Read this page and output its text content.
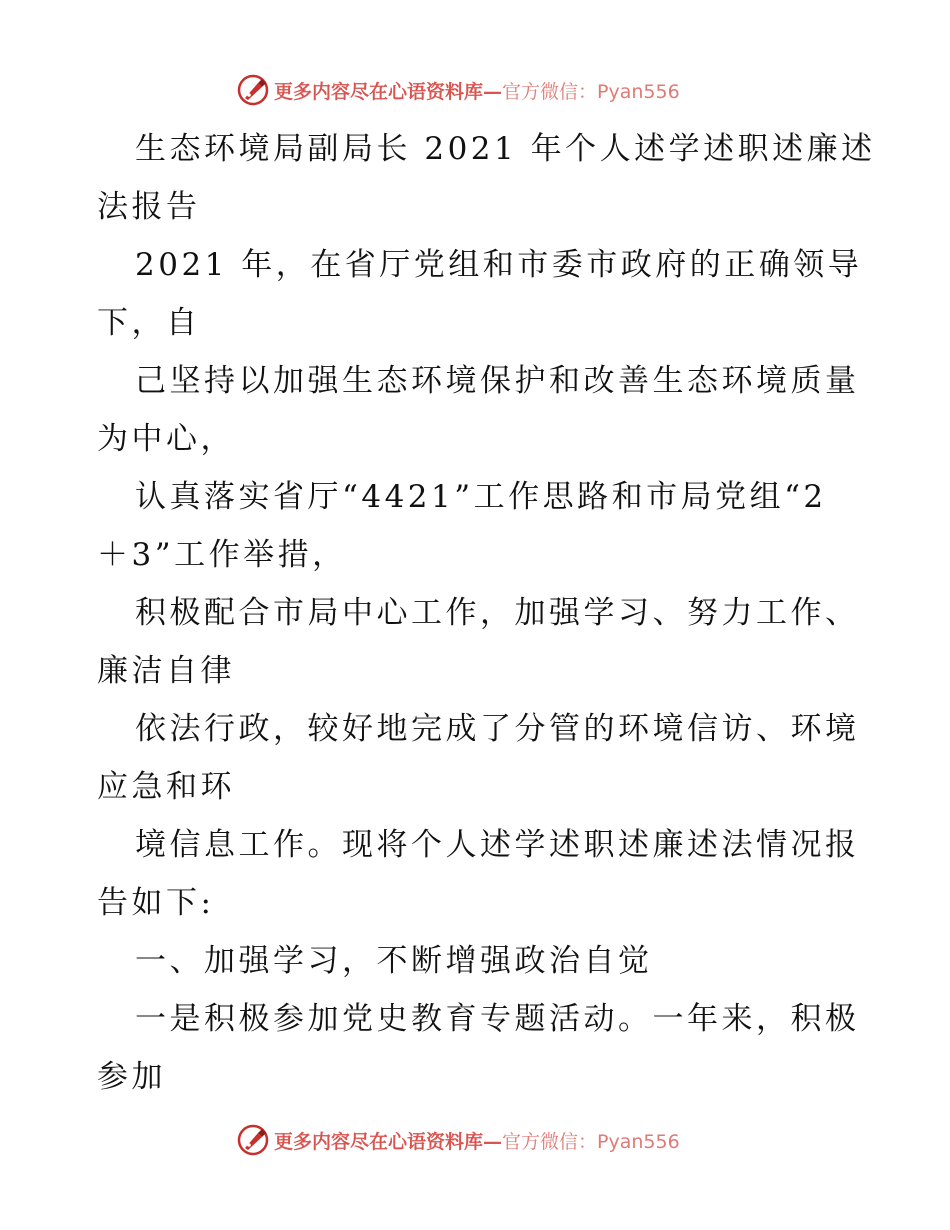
更多内容尽在心语资料库— 官方微信：Pyan556
生态环境局副局长 2021 年个人述学述职述廉述
法报告
2021 年，在省厅党组和市委市政府的正确领导
下，自
己坚持以加强生态环境保护和改善生态环境质量
为中心，
认真落实省厅“4421”工作思路和市局党组“2
＋3”工作举措，
积极配合市局中心工作，加强学习、努力工作、
廉洁自律
依法行政，较好地完成了分管的环境信访、环境
应急和环
境信息工作。现将个人述学述职述廉述法情况报
告如下:
一、加强学习，不断增强政治自觉
一是积极参加党史教育专题活动。一年来，积极
参加
更多内容尽在心语资料库— 官方微信：Pyan556
